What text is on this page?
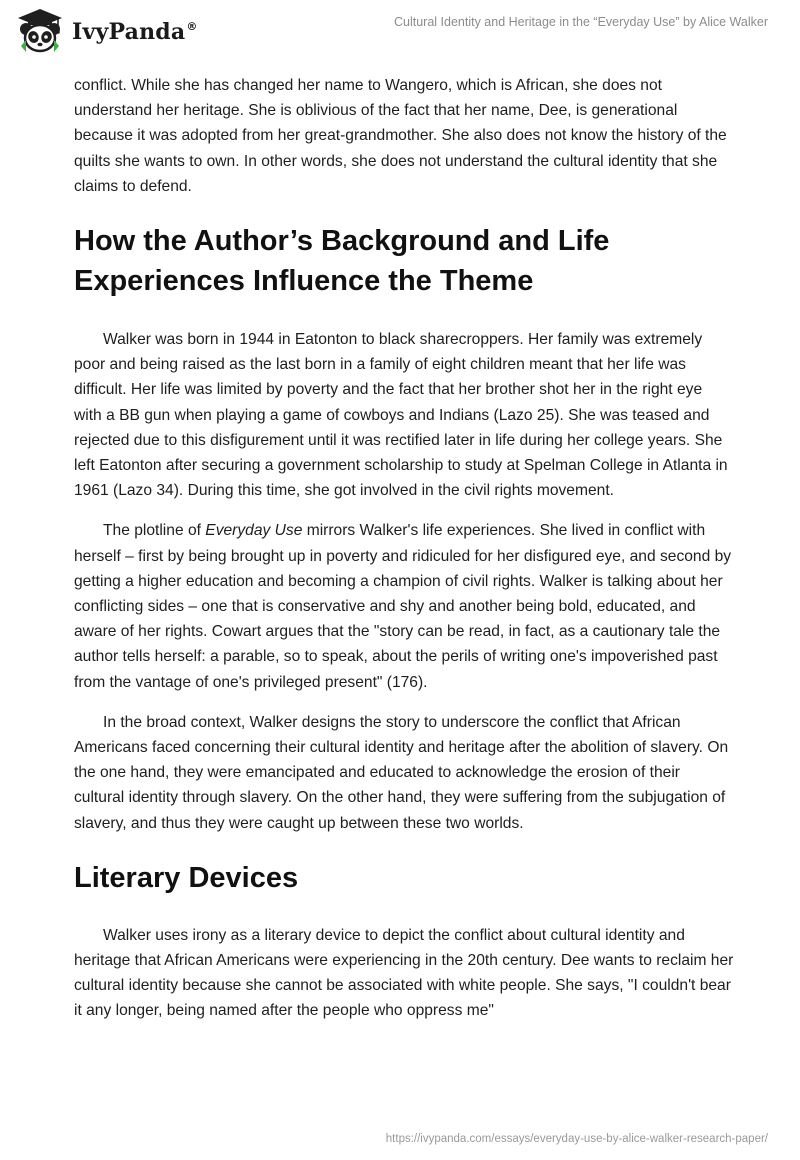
IvyPanda®	Cultural Identity and Heritage in the “Everyday Use” by Alice Walker

conflict. While she has changed her name to Wangero, which is African, she does not understand her heritage. She is oblivious of the fact that her name, Dee, is generational because it was adopted from her great-grandmother. She also does not know the history of the quilts she wants to own. In other words, she does not understand the cultural identity that she claims to defend.

How the Author’s Background and Life Experiences Influence the Theme

Walker was born in 1944 in Eatonton to black sharecroppers. Her family was extremely poor and being raised as the last born in a family of eight children meant that her life was difficult. Her life was limited by poverty and the fact that her brother shot her in the right eye with a BB gun when playing a game of cowboys and Indians (Lazo 25). She was teased and rejected due to this disfigurement until it was rectified later in life during her college years. She left Eatonton after securing a government scholarship to study at Spelman College in Atlanta in 1961 (Lazo 34). During this time, she got involved in the civil rights movement.

The plotline of Everyday Use mirrors Walker's life experiences. She lived in conflict with herself – first by being brought up in poverty and ridiculed for her disfigured eye, and second by getting a higher education and becoming a champion of civil rights. Walker is talking about her conflicting sides – one that is conservative and shy and another being bold, educated, and aware of her rights. Cowart argues that the "story can be read, in fact, as a cautionary tale the author tells herself: a parable, so to speak, about the perils of writing one's impoverished past from the vantage of one's privileged present" (176).

In the broad context, Walker designs the story to underscore the conflict that African Americans faced concerning their cultural identity and heritage after the abolition of slavery. On the one hand, they were emancipated and educated to acknowledge the erosion of their cultural identity through slavery. On the other hand, they were suffering from the subjugation of slavery, and thus they were caught up between these two worlds.

Literary Devices

Walker uses irony as a literary device to depict the conflict about cultural identity and heritage that African Americans were experiencing in the 20th century. Dee wants to reclaim her cultural identity because she cannot be associated with white people. She says, "I couldn't bear it any longer, being named after the people who oppress me"

https://ivypanda.com/essays/everyday-use-by-alice-walker-research-paper/
